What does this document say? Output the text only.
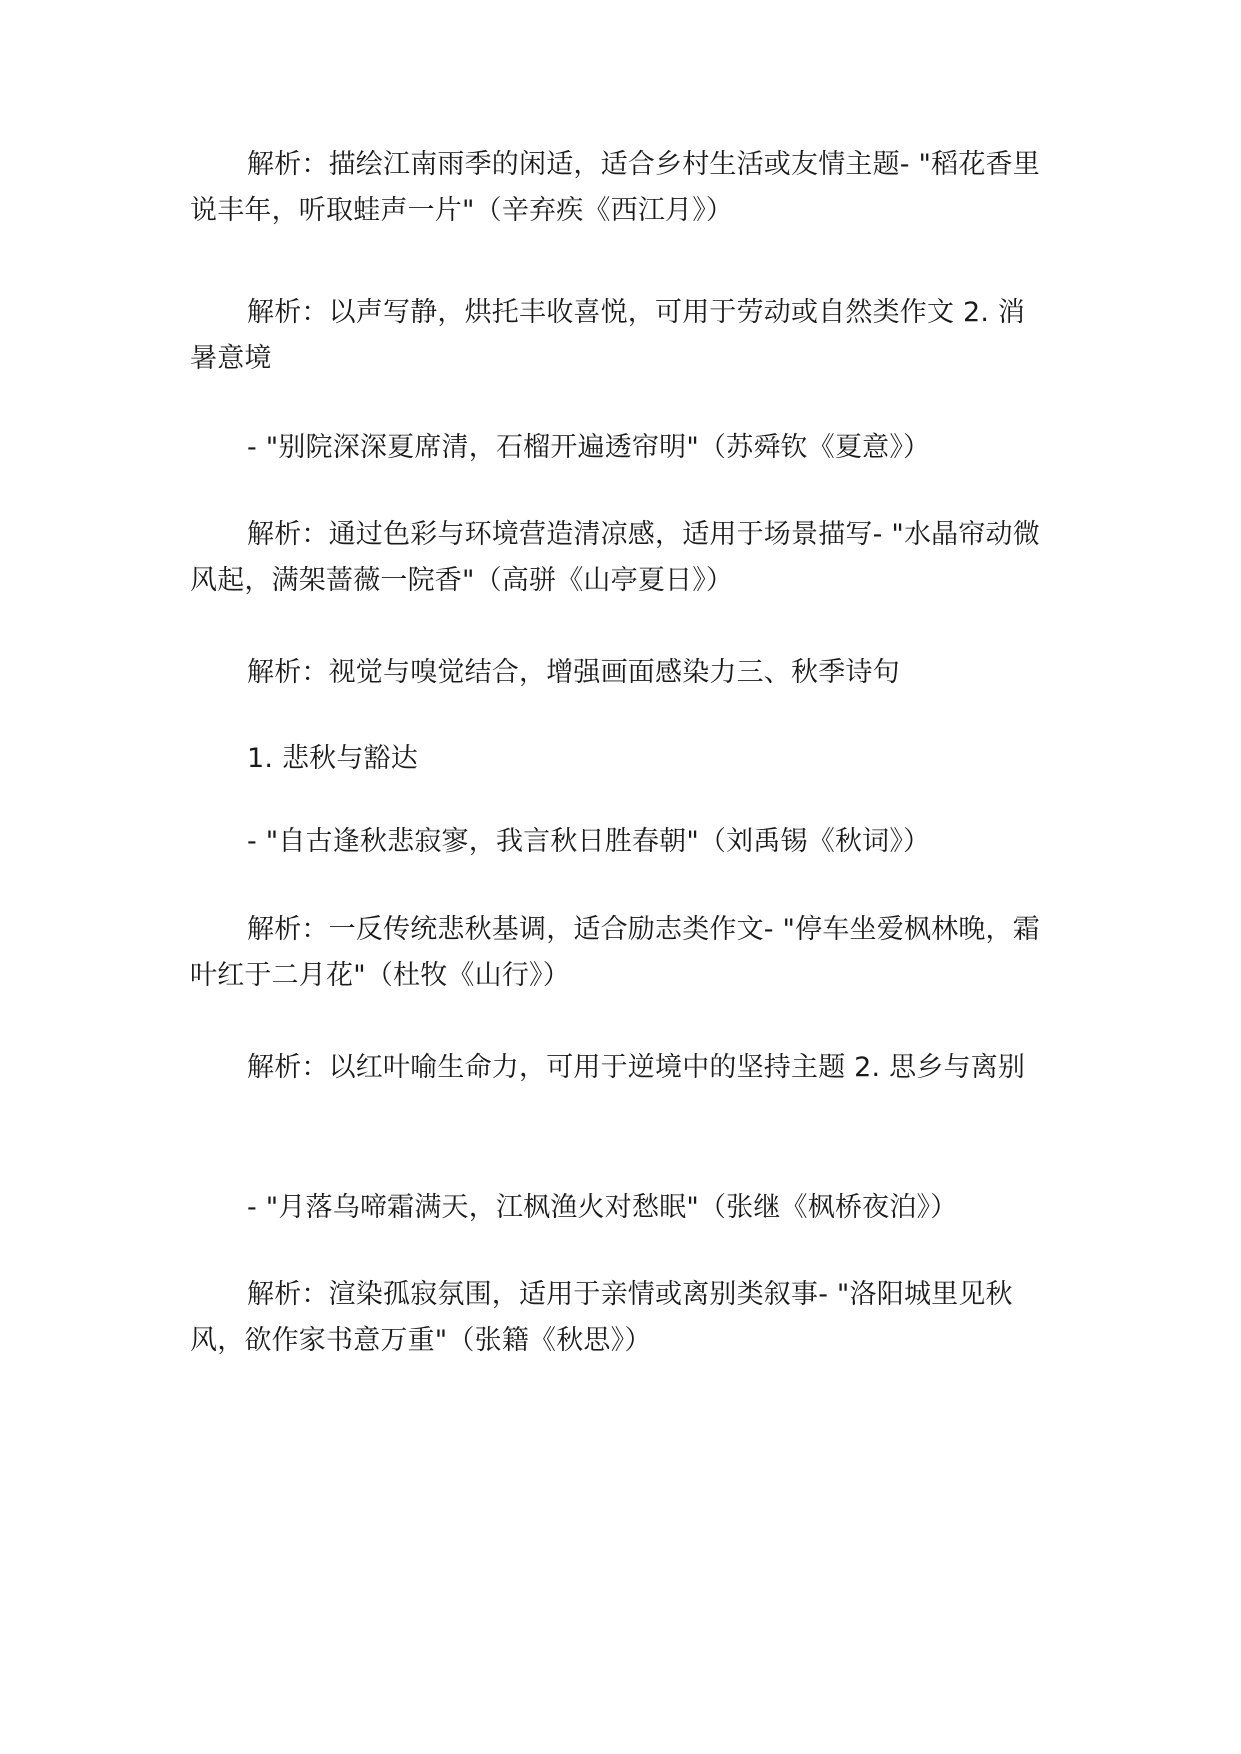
解析：描绘江南雨季的闲适，适合乡村生活或友情主题- "稻花香里说丰年，听取蛙声一片"（辛弃疾《西江月》）

解析：以声写静，烘托丰收喜悦，可用于劳动或自然类作文 2. 消暑意境

- "别院深深夏席清，石榴开遍透帘明"（苏舜钦《夏意》）

解析：通过色彩与环境营造清凉感，适用于场景描写- "水晶帘动微风起，满架蔷薇一院香"（高骈《山亭夏日》）

解析：视觉与嗅觉结合，增强画面感染力三、秋季诗句

1. 悲秋与豁达

- "自古逢秋悲寂寥，我言秋日胜春朝"（刘禹锡《秋词》）

解析：一反传统悲秋基调，适合励志类作文- "停车坐爱枫林晚，霜叶红于二月花"（杜牧《山行》）

解析：以红叶喻生命力，可用于逆境中的坚持主题 2. 思乡与离别

- "月落乌啼霜满天，江枫渔火对愁眠"（张继《枫桥夜泊》）

解析：渲染孤寂氛围，适用于亲情或离别类叙事- "洛阳城里见秋风，欲作家书意万重"（张籍《秋思》）
